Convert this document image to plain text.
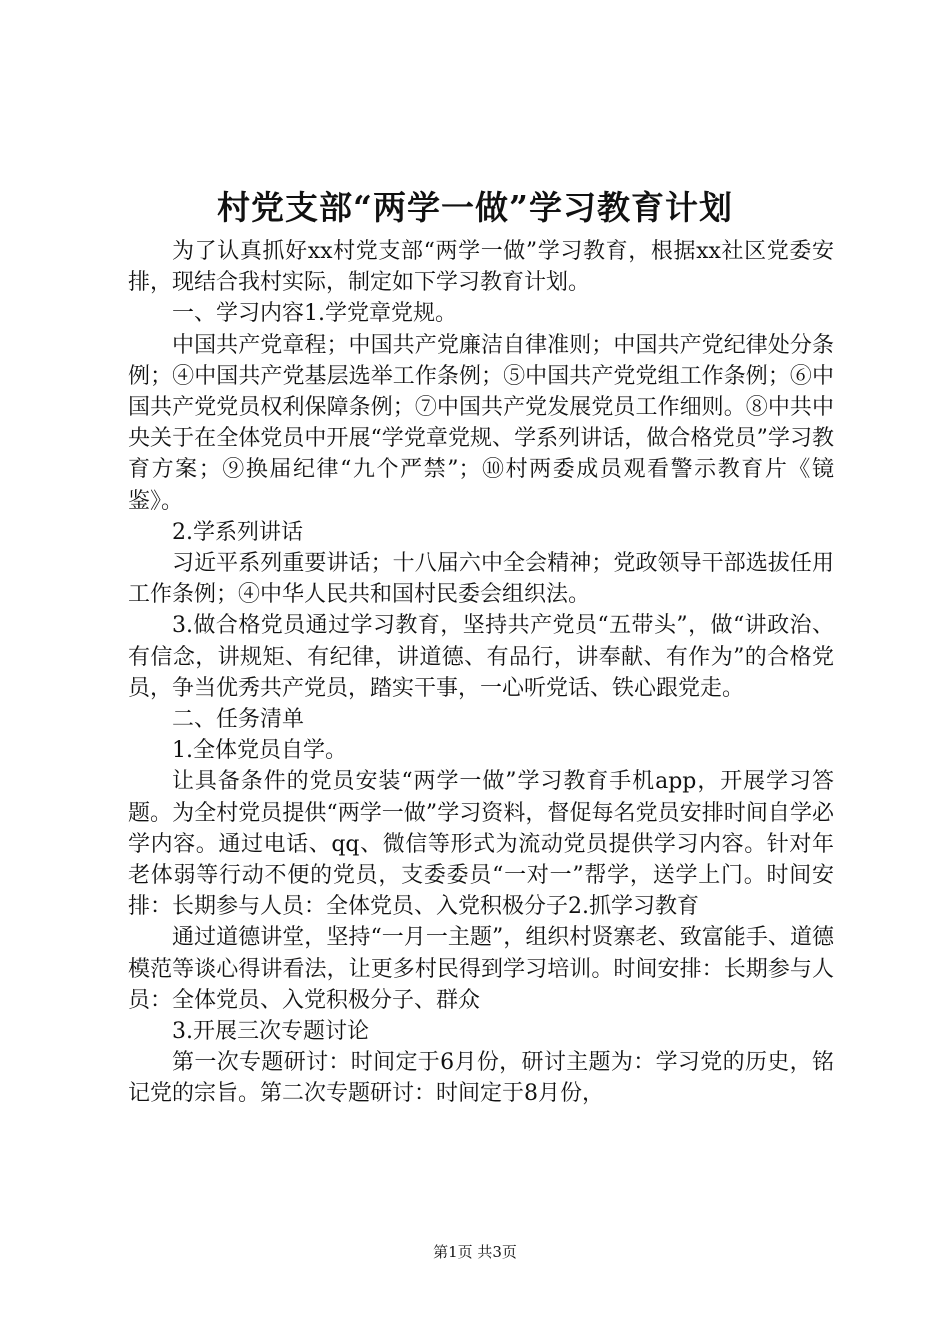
村党支部“两学一做”学习教育计划

为了认真抓好xx村党支部“两学一做”学习教育，根据xx社区党委安排，现结合我村实际，制定如下学习教育计划。

一、学习内容1.学党章党规。

中国共产党章程；中国共产党廉洁自律准则；中国共产党纪律处分条例；④中国共产党基层选举工作条例；⑤中国共产党党组工作条例；⑥中国共产党党员权利保障条例；⑦中国共产党发展党员工作细则。⑧中共中央关于在全体党员中开展“学党章党规、学系列讲话，做合格党员”学习教育方案；⑨换届纪律“九个严禁”；⑩村两委成员观看警示教育片《镜鉴》。

2.学系列讲话

习近平系列重要讲话；十八届六中全会精神；党政领导干部选拔任用工作条例；④中华人民共和国村民委会组织法。

3.做合格党员通过学习教育，坚持共产党员“五带头”，做“讲政治、有信念，讲规矩、有纪律，讲道德、有品行，讲奉献、有作为”的合格党员，争当优秀共产党员，踏实干事，一心听党话、铁心跟党走。

二、任务清单

1.全体党员自学。

让具备条件的党员安装“两学一做”学习教育手机app，开展学习答题。为全村党员提供“两学一做”学习资料，督促每名党员安排时间自学必学内容。通过电话、qq、微信等形式为流动党员提供学习内容。针对年老体弱等行动不便的党员，支委委员“一对一”帮学，送学上门。时间安排：长期参与人员：全体党员、入党积极分子2.抓学习教育

通过道德讲堂，坚持“一月一主题”，组织村贤寨老、致富能手、道德模范等谈心得讲看法，让更多村民得到学习培训。时间安排：长期参与人员：全体党员、入党积极分子、群众

3.开展三次专题讨论

第一次专题研讨：时间定于6月份，研讨主题为：学习党的历史，铭记党的宗旨。第二次专题研讨：时间定于8月份，

第1页 共3页
